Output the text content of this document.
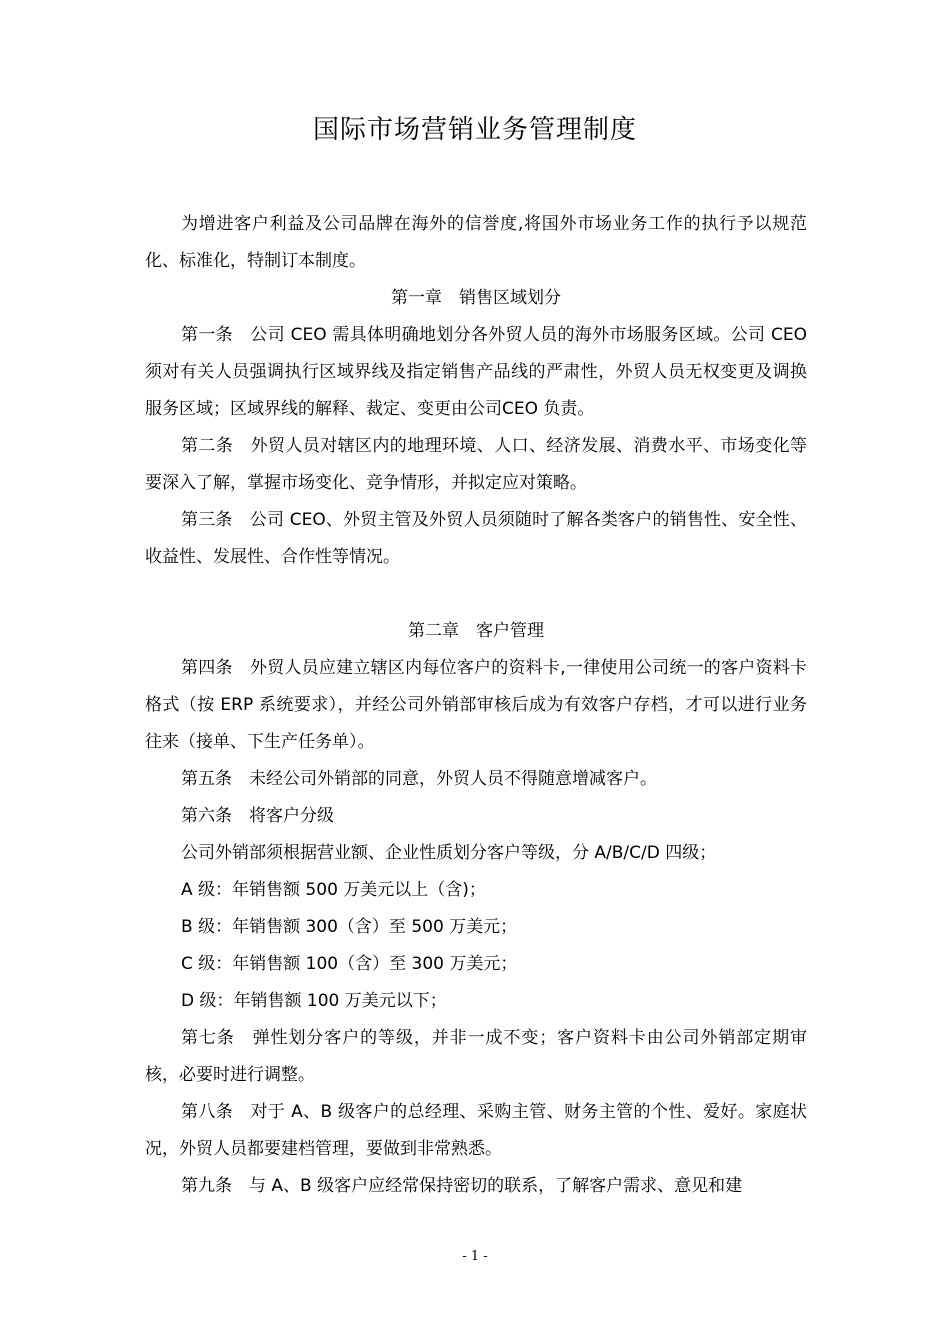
国际市场营销业务管理制度

为增进客户利益及公司品牌在海外的信誉度,将国外市场业务工作的执行予以规范化、标准化，特制订本制度。

第一章　销售区域划分

第一条　公司 CEO 需具体明确地划分各外贸人员的海外市场服务区域。公司 CEO 须对有关人员强调执行区域界线及指定销售产品线的严肃性，外贸人员无权变更及调换服务区域；区域界线的解释、裁定、变更由公司CEO 负责。

第二条　外贸人员对辖区内的地理环境、人口、经济发展、消费水平、市场变化等要深入了解，掌握市场变化、竞争情形，并拟定应对策略。

第三条　公司 CEO、外贸主管及外贸人员须随时了解各类客户的销售性、安全性、收益性、发展性、合作性等情况。

第二章　客户管理

第四条　外贸人员应建立辖区内每位客户的资料卡,一律使用公司统一的客户资料卡格式（按 ERP 系统要求），并经公司外销部审核后成为有效客户存档，才可以进行业务往来（接单、下生产任务单）。

第五条　未经公司外销部的同意，外贸人员不得随意增减客户。

第六条　将客户分级

公司外销部须根据营业额、企业性质划分客户等级，分 A/B/C/D 四级；

A 级：年销售额 500 万美元以上（含)；

B 级：年销售额 300（含）至 500 万美元；

C 级：年销售额 100（含）至 300 万美元；

D 级：年销售额 100 万美元以下；

第七条　弹性划分客户的等级，并非一成不变；客户资料卡由公司外销部定期审核，必要时进行调整。

第八条　对于 A、B 级客户的总经理、采购主管、财务主管的个性、爱好。家庭状况，外贸人员都要建档管理，要做到非常熟悉。

第九条　与 A、B 级客户应经常保持密切的联系，了解客户需求、意见和建

- 1 -
